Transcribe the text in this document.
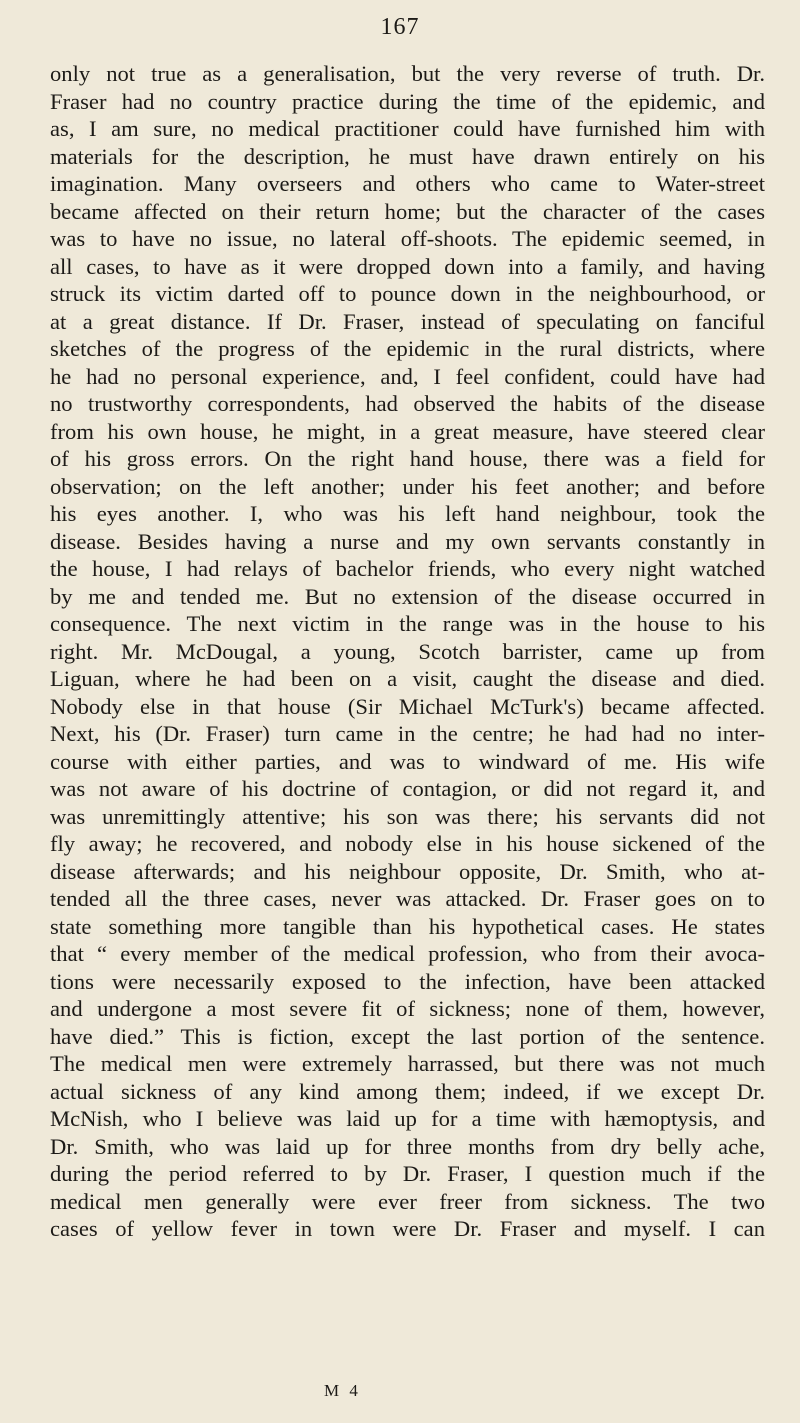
167
only not true as a generalisation, but the very reverse of truth. Dr.
Fraser had no country practice during the time of the epidemic, and
as, I am sure, no medical practitioner could have furnished him with
materials for the description, he must have drawn entirely on his
imagination. Many overseers and others who came to Water-street
became affected on their return home; but the character of the cases
was to have no issue, no lateral off-shoots. The epidemic seemed, in
all cases, to have as it were dropped down into a family, and having
struck its victim darted off to pounce down in the neighbourhood, or
at a great distance. If Dr. Fraser, instead of speculating on fanciful
sketches of the progress of the epidemic in the rural districts, where
he had no personal experience, and, I feel confident, could have had
no trustworthy correspondents, had observed the habits of the disease
from his own house, he might, in a great measure, have steered clear
of his gross errors. On the right hand house, there was a field for
observation; on the left another; under his feet another; and before
his eyes another. I, who was his left hand neighbour, took the
disease. Besides having a nurse and my own servants constantly in
the house, I had relays of bachelor friends, who every night watched
by me and tended me. But no extension of the disease occurred in
consequence. The next victim in the range was in the house to his
right. Mr. McDougal, a young, Scotch barrister, came up from
Liguan, where he had been on a visit, caught the disease and died.
Nobody else in that house (Sir Michael McTurk's) became affected.
Next, his (Dr. Fraser) turn came in the centre; he had had no inter-
course with either parties, and was to windward of me. His wife
was not aware of his doctrine of contagion, or did not regard it, and
was unremittingly attentive; his son was there; his servants did not
fly away; he recovered, and nobody else in his house sickened of the
disease afterwards; and his neighbour opposite, Dr. Smith, who at-
tended all the three cases, never was attacked. Dr. Fraser goes on to
state something more tangible than his hypothetical cases. He states
that “ every member of the medical profession, who from their avoca-
tions were necessarily exposed to the infection, have been attacked
and undergone a most severe fit of sickness; none of them, however,
have died.” This is fiction, except the last portion of the sentence.
The medical men were extremely harrassed, but there was not much
actual sickness of any kind among them; indeed, if we except Dr.
McNish, who I believe was laid up for a time with hæmoptysis, and
Dr. Smith, who was laid up for three months from dry belly ache,
during the period referred to by Dr. Fraser, I question much if the
medical men generally were ever freer from sickness. The two
cases of yellow fever in town were Dr. Fraser and myself. I can
M 4
